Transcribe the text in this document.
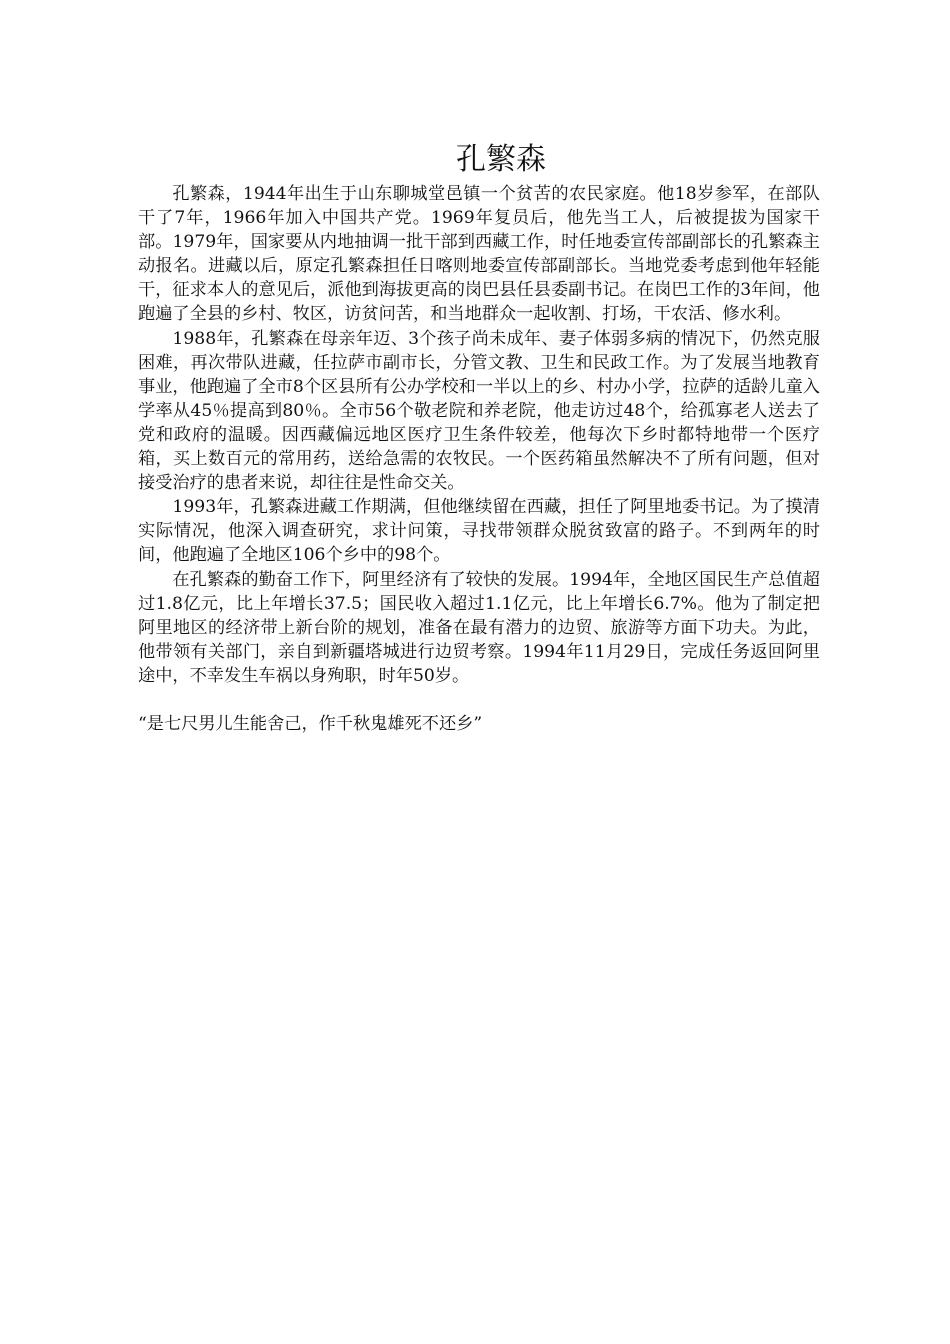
孔繁森

孔繁森，1944年出生于山东聊城堂邑镇一个贫苦的农民家庭。他18岁参军，在部队干了7年，1966年加入中国共产党。1969年复员后，他先当工人，后被提拔为国家干部。1979年，国家要从内地抽调一批干部到西藏工作，时任地委宣传部副部长的孔繁森主动报名。进藏以后，原定孔繁森担任日喀则地委宣传部副部长。当地党委考虑到他年轻能干，征求本人的意见后，派他到海拔更高的岗巴县任县委副书记。在岗巴工作的3年间，他跑遍了全县的乡村、牧区，访贫问苦，和当地群众一起收割、打场，干农活、修水利。

1988年，孔繁森在母亲年迈、3个孩子尚未成年、妻子体弱多病的情况下，仍然克服困难，再次带队进藏，任拉萨市副市长，分管文教、卫生和民政工作。为了发展当地教育事业，他跑遍了全市8个区县所有公办学校和一半以上的乡、村办小学，拉萨的适龄儿童入学率从45％提高到80％。全市56个敬老院和养老院，他走访过48个，给孤寡老人送去了党和政府的温暖。因西藏偏远地区医疗卫生条件较差，他每次下乡时都特地带一个医疗箱，买上数百元的常用药，送给急需的农牧民。一个医药箱虽然解决不了所有问题，但对接受治疗的患者来说，却往往是性命交关。

1993年，孔繁森进藏工作期满，但他继续留在西藏，担任了阿里地委书记。为了摸清实际情况，他深入调查研究，求计问策，寻找带领群众脱贫致富的路子。不到两年的时间，他跑遍了全地区106个乡中的98个。

在孔繁森的勤奋工作下，阿里经济有了较快的发展。1994年，全地区国民生产总值超过1.8亿元，比上年增长37.5；国民收入超过1.1亿元，比上年增长6.7%。他为了制定把阿里地区的经济带上新台阶的规划，准备在最有潜力的边贸、旅游等方面下功夫。为此，他带领有关部门，亲自到新疆塔城进行边贸考察。1994年11月29日，完成任务返回阿里途中，不幸发生车祸以身殉职，时年50岁。

“是七尺男儿生能舍己，作千秋鬼雄死不还乡”
